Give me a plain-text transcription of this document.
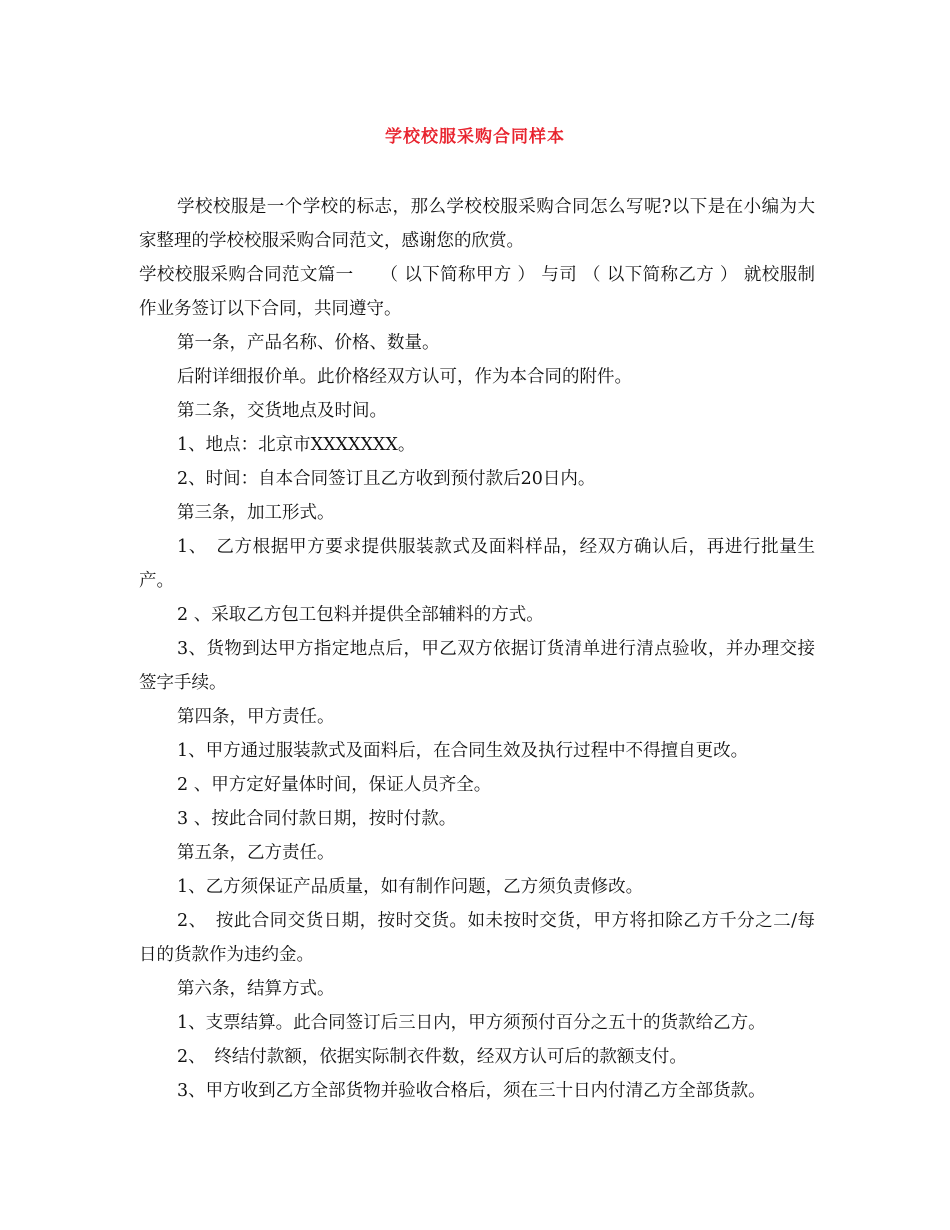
学校校服采购合同样本

学校校服是一个学校的标志，那么学校校服采购合同怎么写呢?以下是在小编为大家整理的学校校服采购合同范文，感谢您的欣赏。

学校校服采购合同范文篇一　　（ 以下简称甲方 ） 与司 （ 以下简称乙方 ） 就校服制作业务签订以下合同，共同遵守。

第一条，产品名称、价格、数量。

后附详细报价单。此价格经双方认可，作为本合同的附件。

第二条，交货地点及时间。

1、地点：北京市XXXXXXX。

2、时间：自本合同签订且乙方收到预付款后20日内。

第三条，加工形式。

1、　乙方根据甲方要求提供服装款式及面料样品，经双方确认后，再进行批量生产。

2 、采取乙方包工包料并提供全部辅料的方式。

3、货物到达甲方指定地点后，甲乙双方依据订货清单进行清点验收，并办理交接签字手续。

第四条，甲方责任。

1、甲方通过服装款式及面料后，在合同生效及执行过程中不得擅自更改。

2 、甲方定好量体时间，保证人员齐全。

3 、按此合同付款日期，按时付款。

第五条，乙方责任。

1、乙方须保证产品质量，如有制作问题，乙方须负责修改。

2、　按此合同交货日期，按时交货。如未按时交货，甲方将扣除乙方千分之二/每日的货款作为违约金。

第六条，结算方式。

1、支票结算。此合同签订后三日内，甲方须预付百分之五十的货款给乙方。

2、　终结付款额，依据实际制衣件数，经双方认可后的款额支付。

3、甲方收到乙方全部货物并验收合格后，须在三十日内付清乙方全部货款。
